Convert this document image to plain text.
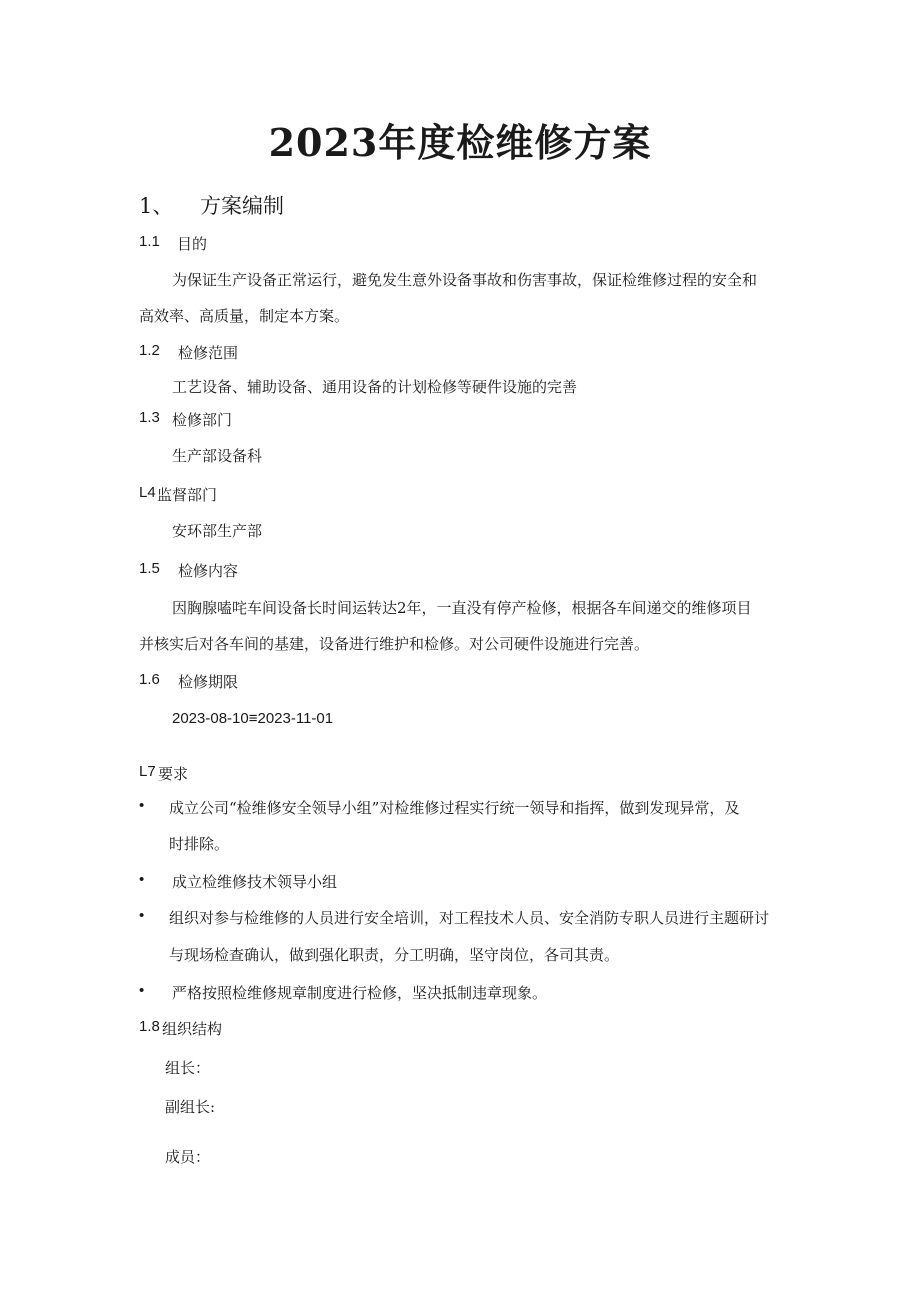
2023年度检维修方案
1、 方案编制
1.1 目的
为保证生产设备正常运行，避免发生意外设备事故和伤害事故，保证检维修过程的安全和
高效率、高质量，制定本方案。
1.2 检修范围
工艺设备、辅助设备、通用设备的计划检修等硬件设施的完善
1.3 检修部门
生产部设备科
L4 监督部门
安环部生产部
1.5 检修内容
因胸腺嗑咤车间设备长时间运转达2年，一直没有停产检修，根据各车间递交的维修项目
并核实后对各车间的基建，设备进行维护和检修。对公司硬件设施进行完善。
1.6 检修期限
2023-08-10≡2023-11-01
L7 要求
• 成立公司“检维修安全领导小组”对检维修过程实行统一领导和指挥，做到发现异常，及
时排除。
• 成立检维修技术领导小组
• 组织对参与检维修的人员进行安全培训，对工程技术人员、安全消防专职人员进行主题研讨
与现场检查确认，做到强化职责，分工明确，坚守岗位，各司其责。
• 严格按照检维修规章制度进行检修，坚决抵制违章现象。
1.8 组织结构
组长：
副组长:
成员：
